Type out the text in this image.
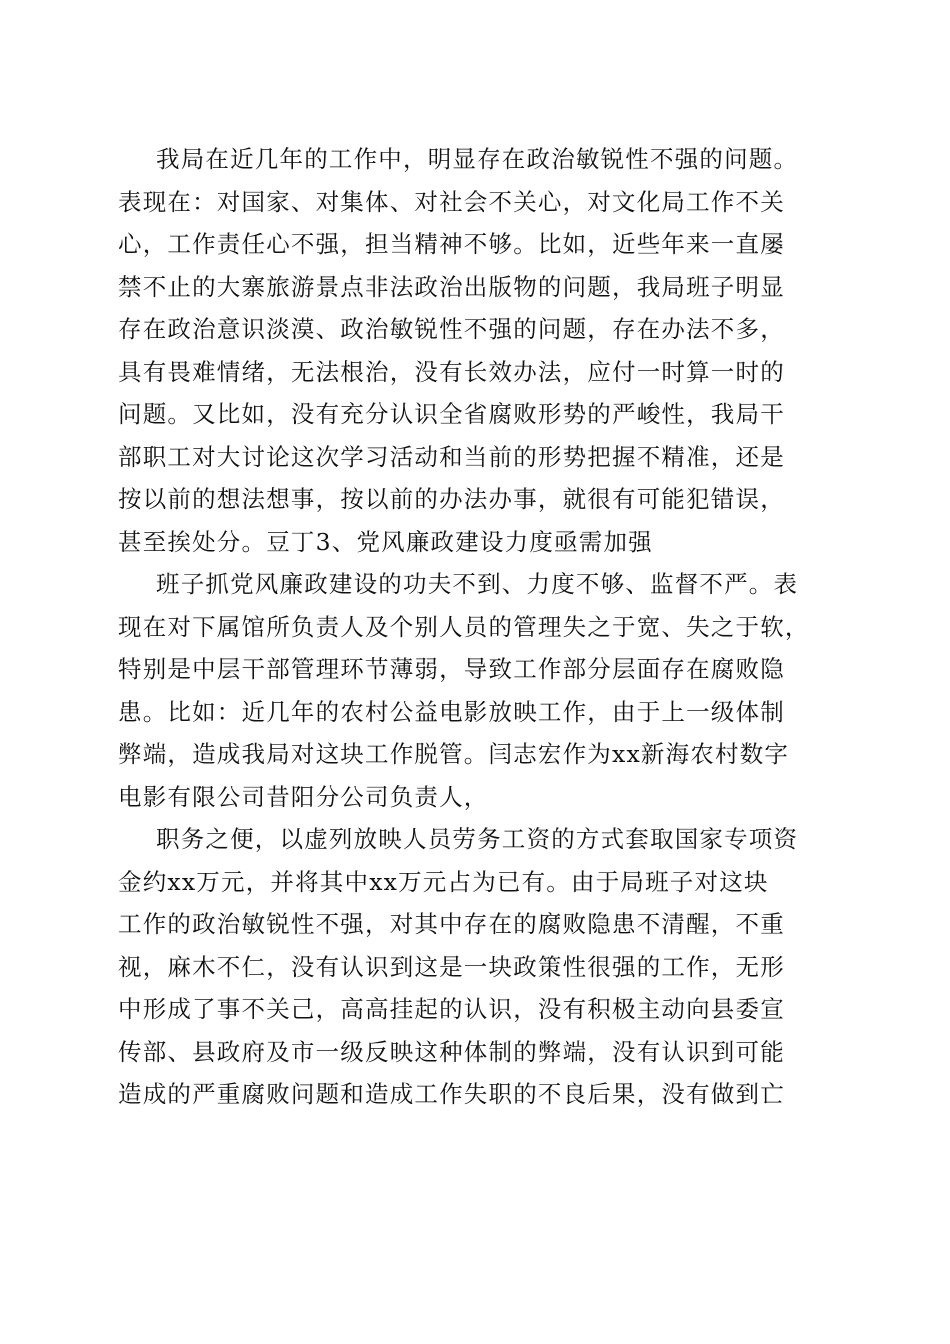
我局在近几年的工作中，明显存在政治敏锐性不强的问题。
表现在：对国家、对集体、对社会不关心，对文化局工作不关
心，工作责任心不强，担当精神不够。比如，近些年来一直屡
禁不止的大寨旅游景点非法政治出版物的问题，我局班子明显
存在政治意识淡漠、政治敏锐性不强的问题，存在办法不多，
具有畏难情绪，无法根治，没有长效办法，应付一时算一时的
问题。又比如，没有充分认识全省腐败形势的严峻性，我局干
部职工对大讨论这次学习活动和当前的形势把握不精准，还是
按以前的想法想事，按以前的办法办事，就很有可能犯错误，
甚至挨处分。豆丁3、党风廉政建设力度亟需加强
班子抓党风廉政建设的功夫不到、力度不够、监督不严。表
现在对下属馆所负责人及个别人员的管理失之于宽、失之于软，
特别是中层干部管理环节薄弱，导致工作部分层面存在腐败隐
患。比如：近几年的农村公益电影放映工作，由于上一级体制
弊端，造成我局对这块工作脱管。闫志宏作为xx新海农村数字
电影有限公司昔阳分公司负责人，
职务之便，以虚列放映人员劳务工资的方式套取国家专项资
金约xx万元，并将其中xx万元占为已有。由于局班子对这块
工作的政治敏锐性不强，对其中存在的腐败隐患不清醒，不重
视，麻木不仁，没有认识到这是一块政策性很强的工作，无形
中形成了事不关己，高高挂起的认识，没有积极主动向县委宣
传部、县政府及市一级反映这种体制的弊端，没有认识到可能
造成的严重腐败问题和造成工作失职的不良后果，没有做到亡
